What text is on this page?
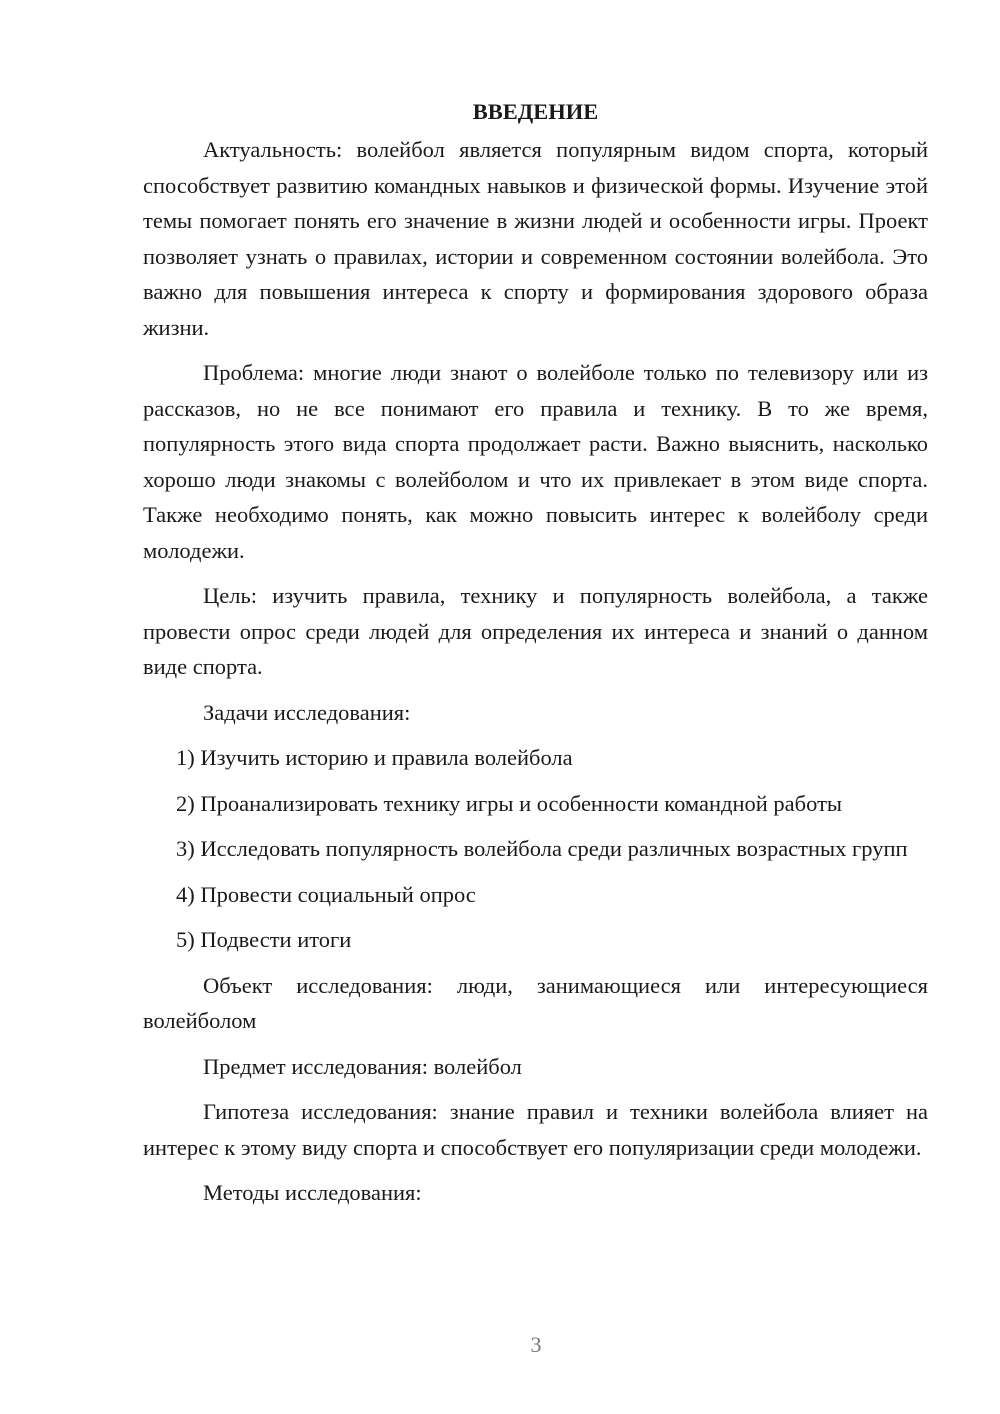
ВВЕДЕНИЕ

Актуальность: волейбол является популярным видом спорта, который способствует развитию командных навыков и физической формы. Изучение этой темы помогает понять его значение в жизни людей и особенности игры. Проект позволяет узнать о правилах, истории и современном состоянии волейбола. Это важно для повышения интереса к спорту и формирования здорового образа жизни.

Проблема: многие люди знают о волейболе только по телевизору или из рассказов, но не все понимают его правила и технику. В то же время, популярность этого вида спорта продолжает расти. Важно выяснить, насколько хорошо люди знакомы с волейболом и что их привлекает в этом виде спорта. Также необходимо понять, как можно повысить интерес к волейболу среди молодежи.

Цель: изучить правила, технику и популярность волейбола, а также провести опрос среди людей для определения их интереса и знаний о данном виде спорта.

Задачи исследования:

1) Изучить историю и правила волейбола

2) Проанализировать технику игры и особенности командной работы

3) Исследовать популярность волейбола среди различных возрастных групп

4) Провести социальный опрос

5) Подвести итоги

Объект исследования: люди, занимающиеся или интересующиеся волейболом

Предмет исследования: волейбол

Гипотеза исследования: знание правил и техники волейбола влияет на интерес к этому виду спорта и способствует его популяризации среди молодежи.

Методы исследования:

3
